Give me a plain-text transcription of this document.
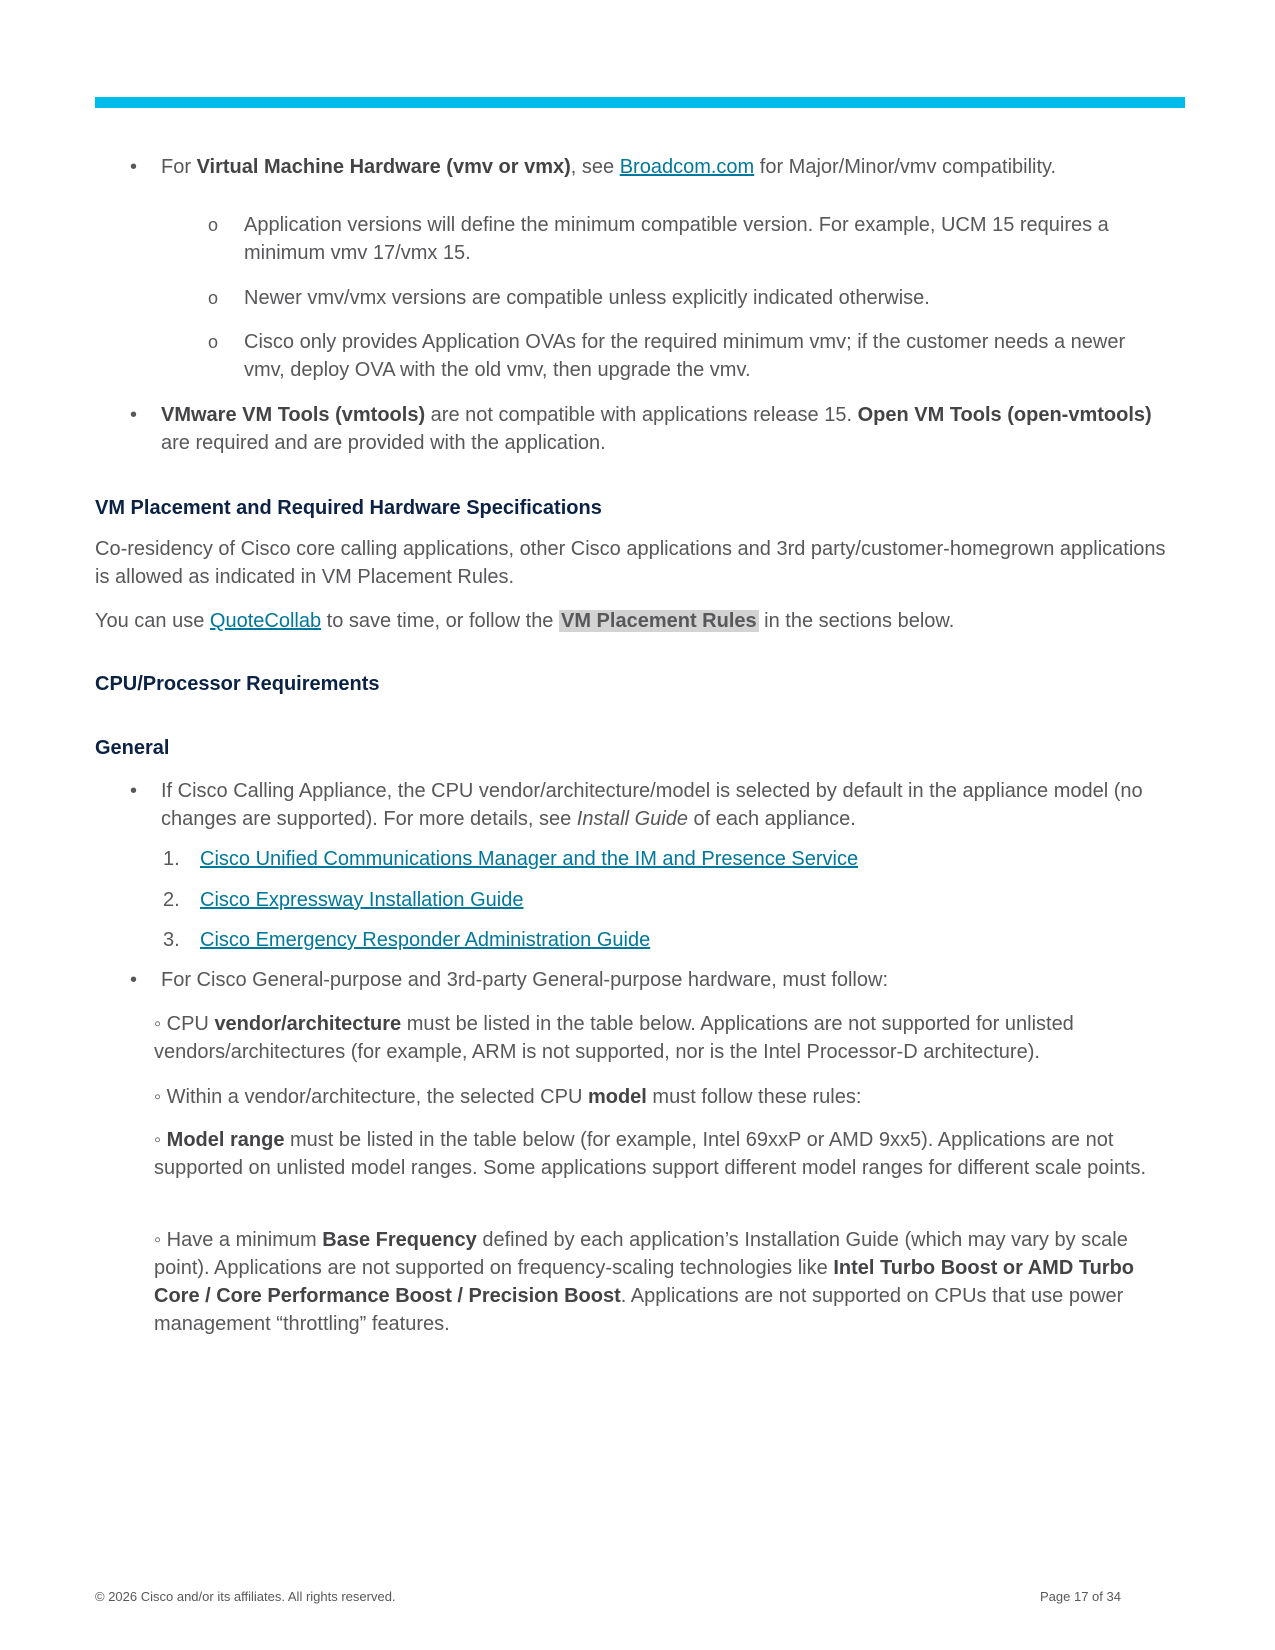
• For Virtual Machine Hardware (vmv or vmx), see Broadcom.com for Major/Minor/vmv compatibility.

o Application versions will define the minimum compatible version. For example, UCM 15 requires a minimum vmv 17/vmx 15.

o Newer vmv/vmx versions are compatible unless explicitly indicated otherwise.

o Cisco only provides Application OVAs for the required minimum vmv; if the customer needs a newer vmv, deploy OVA with the old vmv, then upgrade the vmv.

• VMware VM Tools (vmtools) are not compatible with applications release 15. Open VM Tools (open-vmtools) are required and are provided with the application.

VM Placement and Required Hardware Specifications

Co-residency of Cisco core calling applications, other Cisco applications and 3rd party/customer-homegrown applications is allowed as indicated in VM Placement Rules.

You can use QuoteCollab to save time, or follow the VM Placement Rules in the sections below.

CPU/Processor Requirements

General

• If Cisco Calling Appliance, the CPU vendor/architecture/model is selected by default in the appliance model (no changes are supported). For more details, see Install Guide of each appliance.

1. Cisco Unified Communications Manager and the IM and Presence Service
2. Cisco Expressway Installation Guide
3. Cisco Emergency Responder Administration Guide
• For Cisco General-purpose and 3rd-party General-purpose hardware, must follow:

◦ CPU vendor/architecture must be listed in the table below. Applications are not supported for unlisted vendors/architectures (for example, ARM is not supported, nor is the Intel Processor-D architecture).

◦ Within a vendor/architecture, the selected CPU model must follow these rules:

◦ Model range must be listed in the table below (for example, Intel 69xxP or AMD 9xx5). Applications are not supported on unlisted model ranges. Some applications support different model ranges for different scale points.

◦ Have a minimum Base Frequency defined by each application’s Installation Guide (which may vary by scale point). Applications are not supported on frequency-scaling technologies like Intel Turbo Boost or AMD Turbo Core / Core Performance Boost / Precision Boost. Applications are not supported on CPUs that use power management “throttling” features.

© 2026 Cisco and/or its affiliates. All rights reserved.	Page 17 of 34
